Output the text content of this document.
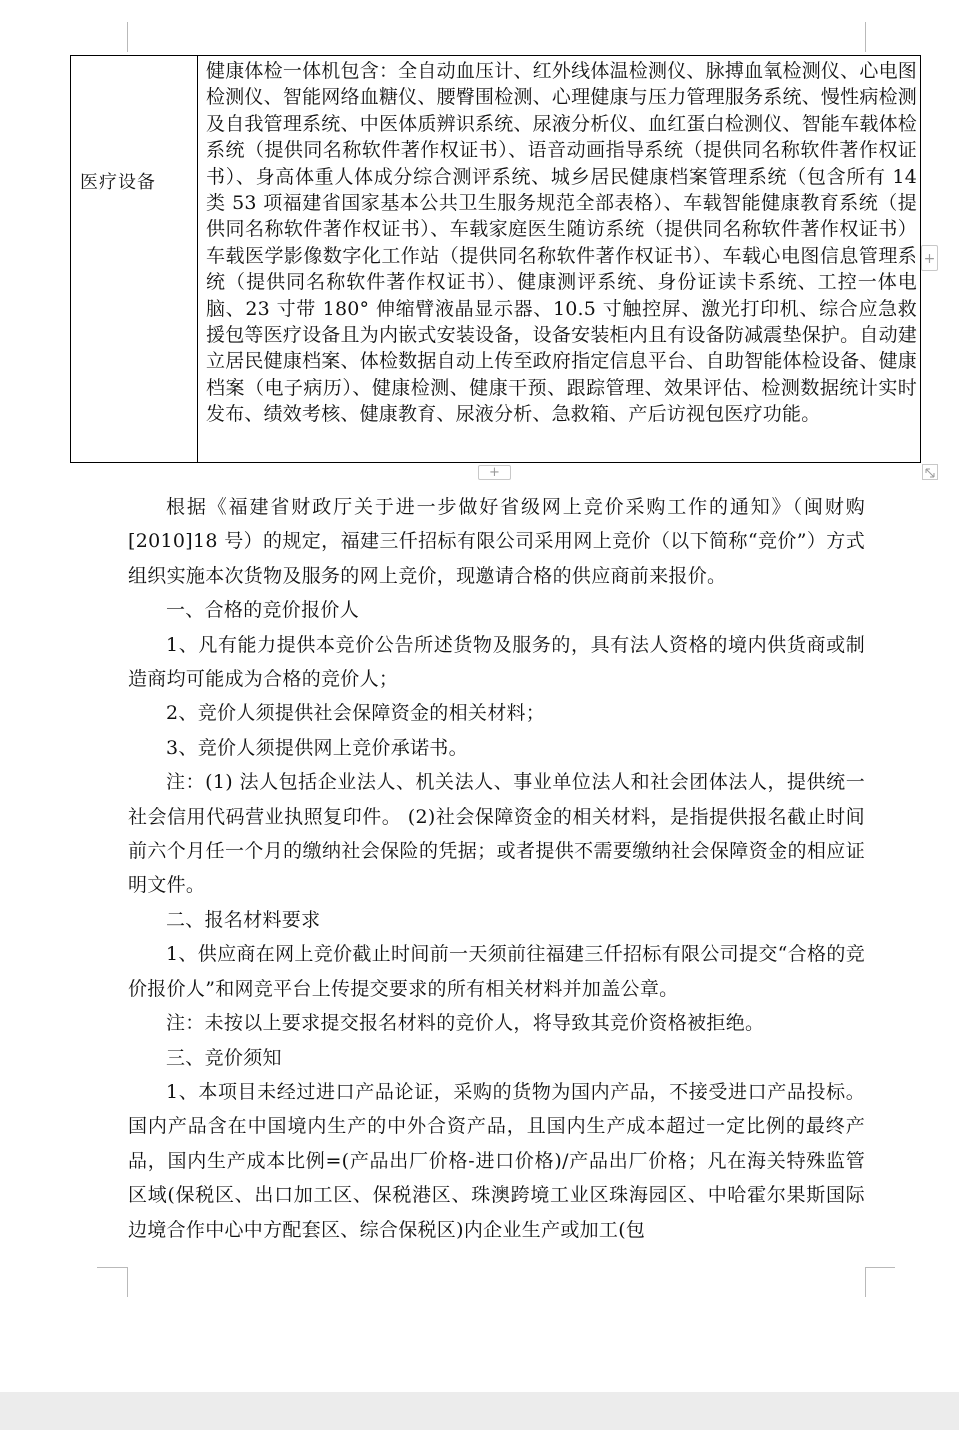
医疗设备	健康体检一体机包含：全自动血压计、红外线体温检测仪、脉搏血氧检测仪、心电图检测仪、智能网络血糖仪、腰臀围检测、心理健康与压力管理服务系统、慢性病检测及自我管理系统、中医体质辨识系统、尿液分析仪、血红蛋白检测仪、智能车载体检系统（提供同名称软件著作权证书）、语音动画指导系统（提供同名称软件著作权证书）、身高体重人体成分综合测评系统、城乡居民健康档案管理系统（包含所有 14 类 53 项福建省国家基本公共卫生服务规范全部表格）、车载智能健康教育系统（提供同名称软件著作权证书）、车载家庭医生随访系统（提供同名称软件著作权证书）车载医学影像数字化工作站（提供同名称软件著作权证书）、车载心电图信息管理系统（提供同名称软件著作权证书）、健康测评系统、身份证读卡系统、工控一体电脑、23 寸带 180° 伸缩臂液晶显示器、10.5 寸触控屏、激光打印机、综合应急救援包等医疗设备且为内嵌式安装设备，设备安装柜内且有设备防减震垫保护。自动建立居民健康档案、体检数据自动上传至政府指定信息平台、自助智能体检设备、健康档案（电子病历）、健康检测、健康干预、跟踪管理、效果评估、检测数据统计实时发布、绩效考核、健康教育、尿液分析、急救箱、产后访视包医疗功能。
+
+

根据《福建省财政厅关于进一步做好省级网上竞价采购工作的通知》（闽财购[2010]18 号）的规定，福建三仟招标有限公司采用网上竞价（以下简称“竞价”）方式组织实施本次货物及服务的网上竞价，现邀请合格的供应商前来报价。

一、合格的竞价报价人

1、凡有能力提供本竞价公告所述货物及服务的，具有法人资格的境内供货商或制造商均可能成为合格的竞价人；

2、竞价人须提供社会保障资金的相关材料；

3、竞价人须提供网上竞价承诺书。

注：(1) 法人包括企业法人、机关法人、事业单位法人和社会团体法人，提供统一社会信用代码营业执照复印件。 (2)社会保障资金的相关材料，是指提供报名截止时间前六个月任一个月的缴纳社会保险的凭据；或者提供不需要缴纳社会保障资金的相应证明文件。

二、报名材料要求

1、供应商在网上竞价截止时间前一天须前往福建三仟招标有限公司提交“合格的竞价报价人”和网竞平台上传提交要求的所有相关材料并加盖公章。

注：未按以上要求提交报名材料的竞价人，将导致其竞价资格被拒绝。

三、竞价须知

1、本项目未经过进口产品论证，采购的货物为国内产品，不接受进口产品投标。国内产品含在中国境内生产的中外合资产品，且国内生产成本超过一定比例的最终产品，国内生产成本比例=(产品出厂价格-进口价格)/产品出厂价格；凡在海关特殊监管区域(保税区、出口加工区、保税港区、珠澳跨境工业区珠海园区、中哈霍尔果斯国际边境合作中心中方配套区、综合保税区)内企业生产或加工(包
